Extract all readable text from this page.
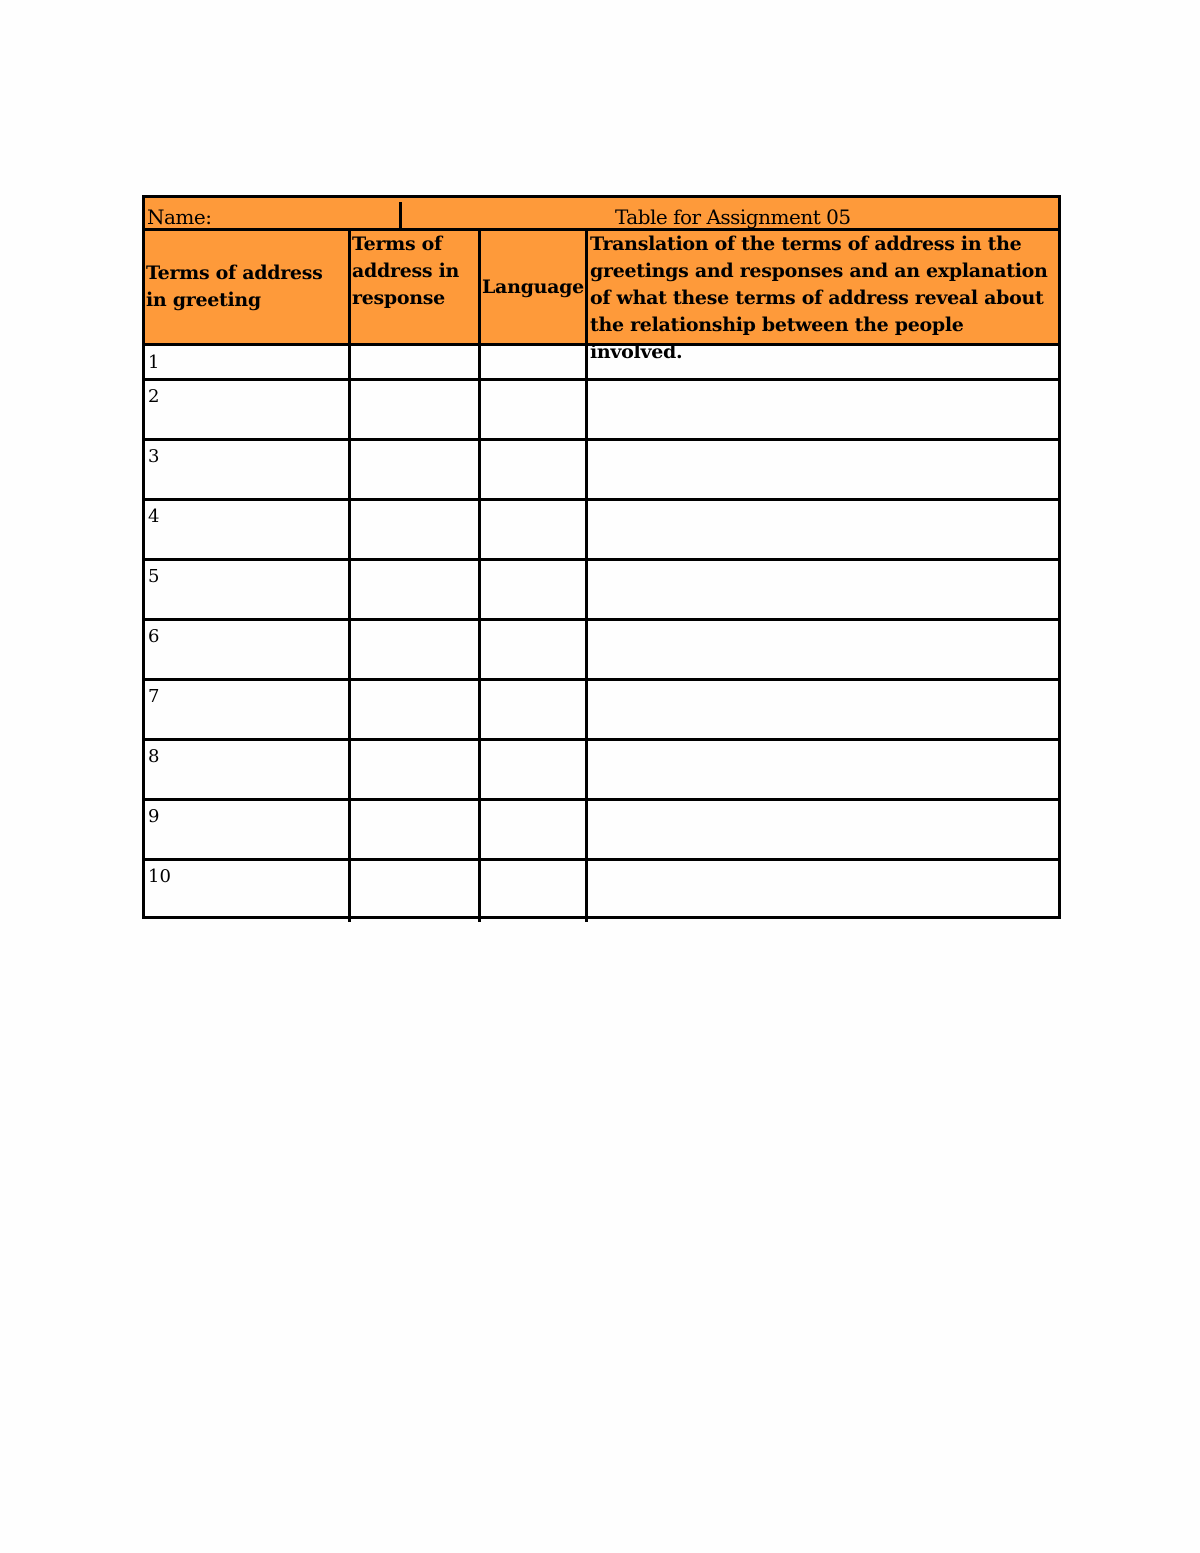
Name:	Table for Assignment 05
Terms of address in greeting
Terms of address in response
Language
Translation of the terms of address in the greetings and responses and an explanation of what these terms of address reveal about the relationship between the people involved.
1
2
3
4
5
6
7
8
9
10
